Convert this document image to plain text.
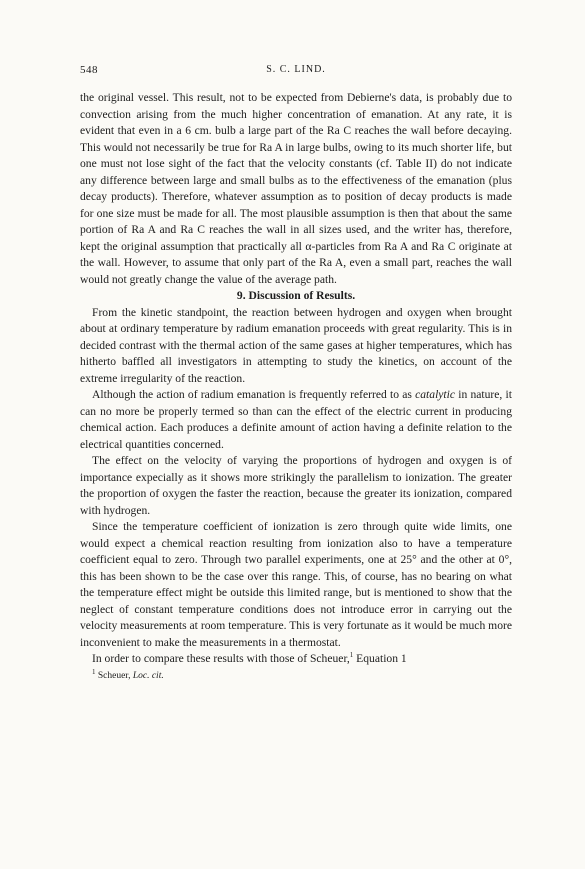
548	S. C. LIND.

the original vessel. This result, not to be expected from Debierne's data, is probably due to convection arising from the much higher concentration of emanation. At any rate, it is evident that even in a 6 cm. bulb a large part of the Ra C reaches the wall before decaying. This would not necessarily be true for Ra A in large bulbs, owing to its much shorter life, but one must not lose sight of the fact that the velocity constants (cf. Table II) do not indicate any difference between large and small bulbs as to the effectiveness of the emanation (plus decay products). Therefore, whatever assumption as to position of decay products is made for one size must be made for all. The most plausible assumption is then that about the same portion of Ra A and Ra C reaches the wall in all sizes used, and the writer has, therefore, kept the original assumption that practically all α-particles from Ra A and Ra C originate at the wall. However, to assume that only part of the Ra A, even a small part, reaches the wall would not greatly change the value of the average path.

9. Discussion of Results.

From the kinetic standpoint, the reaction between hydrogen and oxygen when brought about at ordinary temperature by radium emanation proceeds with great regularity. This is in decided contrast with the thermal action of the same gases at higher temperatures, which has hitherto baffled all investigators in attempting to study the kinetics, on account of the extreme irregularity of the reaction.

Although the action of radium emanation is frequently referred to as catalytic in nature, it can no more be properly termed so than can the effect of the electric current in producing chemical action. Each produces a definite amount of action having a definite relation to the electrical quantities concerned.

The effect on the velocity of varying the proportions of hydrogen and oxygen is of importance expecially as it shows more strikingly the parallelism to ionization. The greater the proportion of oxygen the faster the reaction, because the greater its ionization, compared with hydrogen.

Since the temperature coefficient of ionization is zero through quite wide limits, one would expect a chemical reaction resulting from ionization also to have a temperature coefficient equal to zero. Through two parallel experiments, one at 25° and the other at 0°, this has been shown to be the case over this range. This, of course, has no bearing on what the temperature effect might be outside this limited range, but is mentioned to show that the neglect of constant temperature conditions does not introduce error in carrying out the velocity measurements at room temperature. This is very fortunate as it would be much more inconvenient to make the measurements in a thermostat.

In order to compare these results with those of Scheuer,$^1$ Equation 1

$^1$ Scheuer, Loc. cit.
